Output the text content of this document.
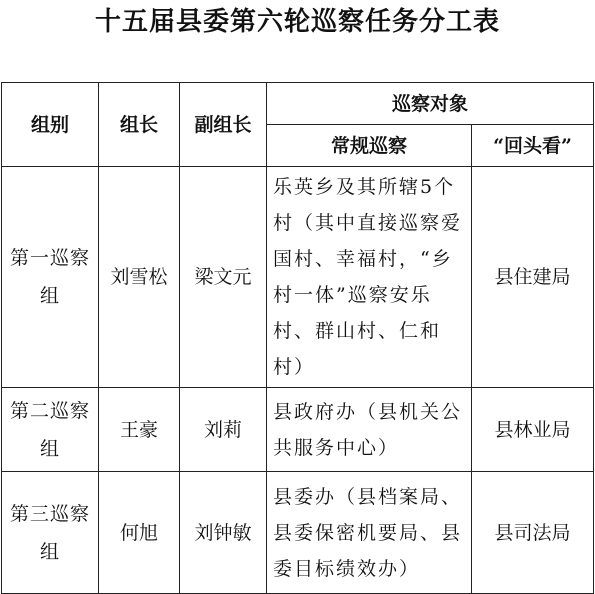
十五届县委第六轮巡察任务分工表
组别	组长	副组长	巡察对象	
			常规巡察	“回头看”
第一巡察组	刘雪松	梁文元	乐英乡及其所辖5个村（其中直接巡察爱国村、幸福村，“乡村一体”巡察安乐村、群山村、仁和村）	县住建局
第二巡察组	王豪	刘莉	县政府办（县机关公共服务中心）	县林业局
第三巡察组	何旭	刘钟敏	县委办（县档案局、县委保密机要局、县委目标绩效办）	县司法局
